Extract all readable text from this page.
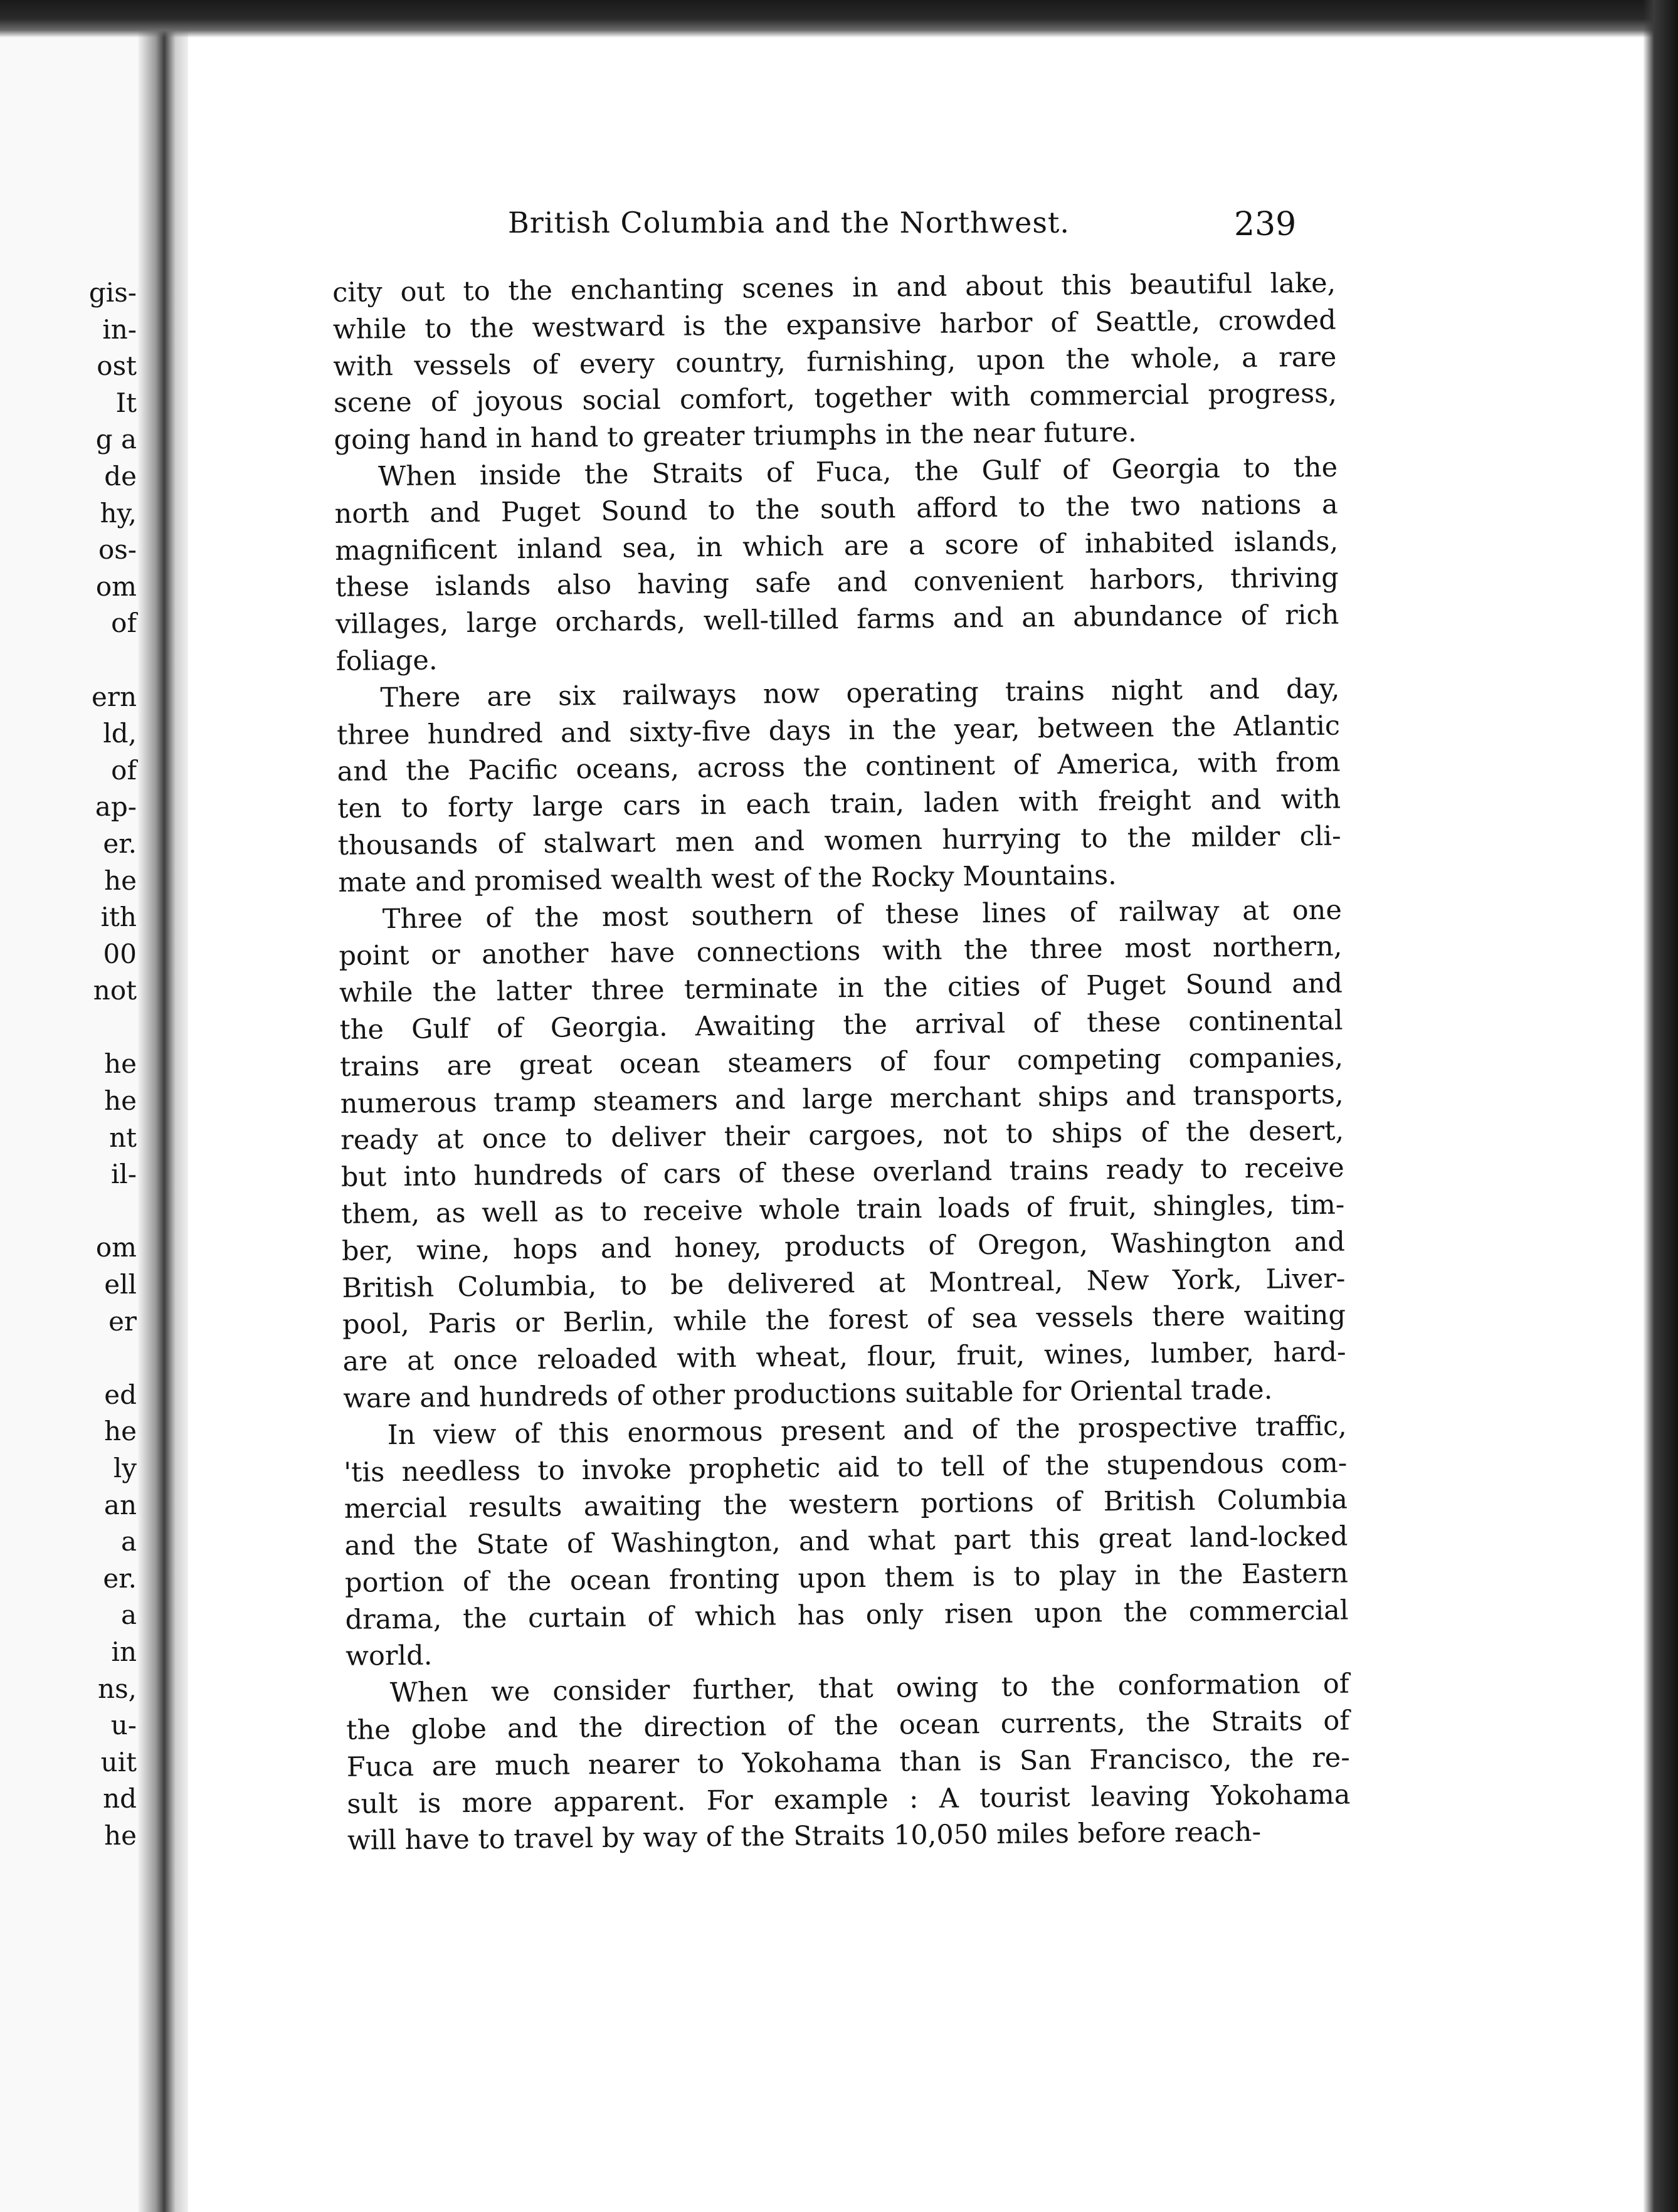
gis-
in-
ost
It
g a
de
hy,
os-
om
of
ern
ld,
of
ap-
er.
he
ith
00
not
he
he
nt
il-
om
ell
er
ed
he
ly
an
a
er.
a
in
ns,
u-
uit
nd
he
British Columbia and the Northwest.	239
city out to the enchanting scenes in and about this beautiful lake,
while to the westward is the expansive harbor of Seattle, crowded
with vessels of every country, furnishing, upon the whole, a rare
scene of joyous social comfort, together with commercial progress,
going hand in hand to greater triumphs in the near future.
When inside the Straits of Fuca, the Gulf of Georgia to the
north and Puget Sound to the south afford to the two nations a
magnificent inland sea, in which are a score of inhabited islands,
these islands also having safe and convenient harbors, thriving
villages, large orchards, well-tilled farms and an abundance of rich
foliage.
There are six railways now operating trains night and day,
three hundred and sixty-five days in the year, between the Atlantic
and the Pacific oceans, across the continent of America, with from
ten to forty large cars in each train, laden with freight and with
thousands of stalwart men and women hurrying to the milder cli-
mate and promised wealth west of the Rocky Mountains.
Three of the most southern of these lines of railway at one
point or another have connections with the three most northern,
while the latter three terminate in the cities of Puget Sound and
the Gulf of Georgia. Awaiting the arrival of these continental
trains are great ocean steamers of four competing companies,
numerous tramp steamers and large merchant ships and transports,
ready at once to deliver their cargoes, not to ships of the desert,
but into hundreds of cars of these overland trains ready to receive
them, as well as to receive whole train loads of fruit, shingles, tim-
ber, wine, hops and honey, products of Oregon, Washington and
British Columbia, to be delivered at Montreal, New York, Liver-
pool, Paris or Berlin, while the forest of sea vessels there waiting
are at once reloaded with wheat, flour, fruit, wines, lumber, hard-
ware and hundreds of other productions suitable for Oriental trade.
In view of this enormous present and of the prospective traffic,
'tis needless to invoke prophetic aid to tell of the stupendous com-
mercial results awaiting the western portions of British Columbia
and the State of Washington, and what part this great land-locked
portion of the ocean fronting upon them is to play in the Eastern
drama, the curtain of which has only risen upon the commercial
world.
When we consider further, that owing to the conformation of
the globe and the direction of the ocean currents, the Straits of
Fuca are much nearer to Yokohama than is San Francisco, the re-
sult is more apparent. For example : A tourist leaving Yokohama
will have to travel by way of the Straits 10,050 miles before reach-
